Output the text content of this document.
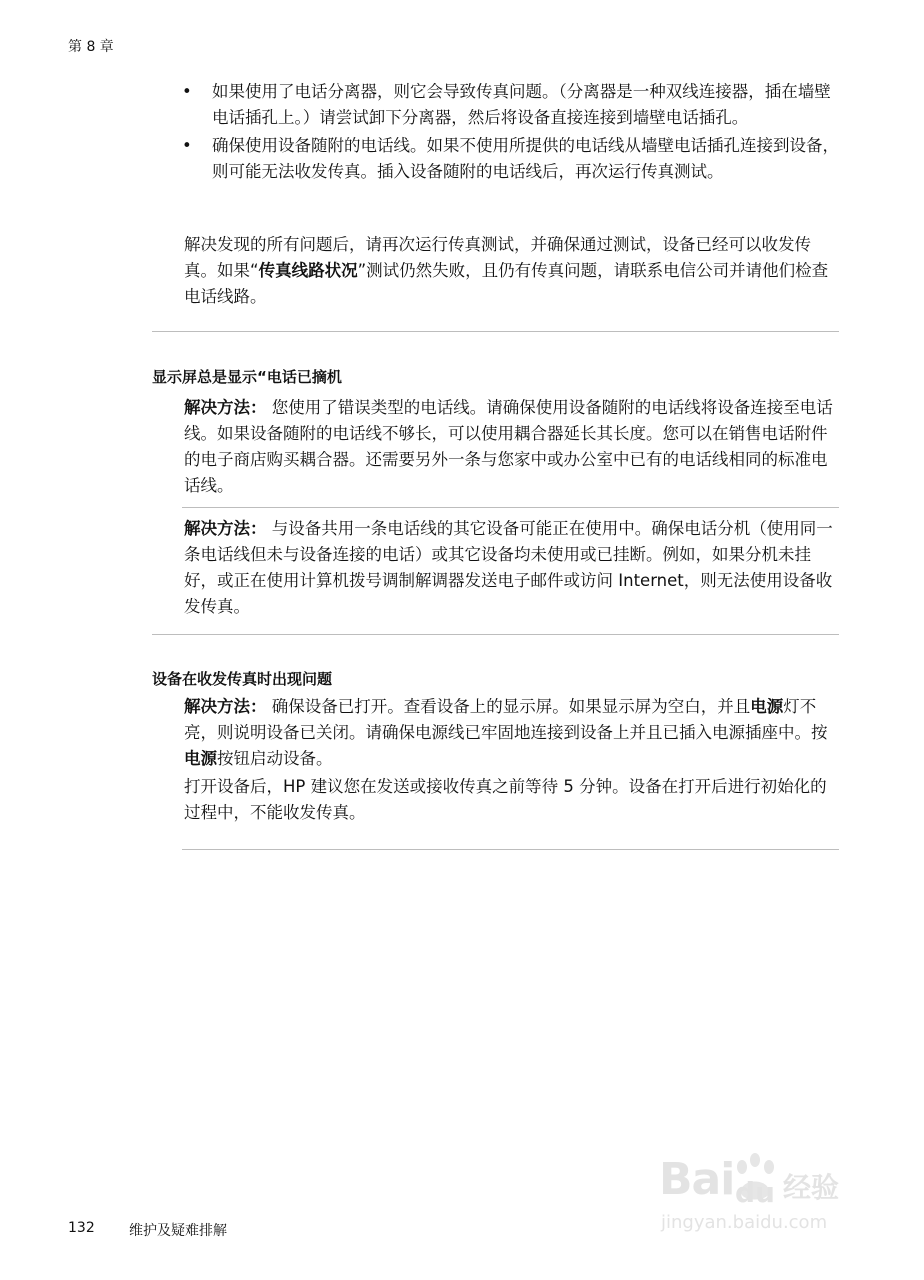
第 8 章
• 如果使用了电话分离器，则它会导致传真问题。（分离器是一种双线连接器，插在墙壁电话插孔上。）请尝试卸下分离器，然后将设备直接连接到墙壁电话插孔。
• 确保使用设备随附的电话线。如果不使用所提供的电话线从墙壁电话插孔连接到设备，则可能无法收发传真。插入设备随附的电话线后，再次运行传真测试。

解决发现的所有问题后，请再次运行传真测试，并确保通过测试，设备已经可以收发传真。如果“传真线路状况”测试仍然失败，且仍有传真问题，请联系电信公司并请他们检查电话线路。

显示屏总是显示“电话已摘机

解决方法： 您使用了错误类型的电话线。请确保使用设备随附的电话线将设备连接至电话线。如果设备随附的电话线不够长，可以使用耦合器延长其长度。您可以在销售电话附件的电子商店购买耦合器。还需要另外一条与您家中或办公室中已有的电话线相同的标准电话线。

解决方法： 与设备共用一条电话线的其它设备可能正在使用中。确保电话分机（使用同一条电话线但未与设备连接的电话）或其它设备均未使用或已挂断。例如，如果分机未挂好，或正在使用计算机拨号调制解调器发送电子邮件或访问 Internet，则无法使用设备收发传真。

设备在收发传真时出现问题

解决方法： 确保设备已打开。查看设备上的显示屏。如果显示屏为空白，并且电源灯不亮，则说明设备已关闭。请确保电源线已牢固地连接到设备上并且已插入电源插座中。按电源按钮启动设备。

打开设备后，HP 建议您在发送或接收传真之前等待 5 分钟。设备在打开后进行初始化的过程中，不能收发传真。

Bai du 经验
jingyan.baidu.com
132 维护及疑难排解
